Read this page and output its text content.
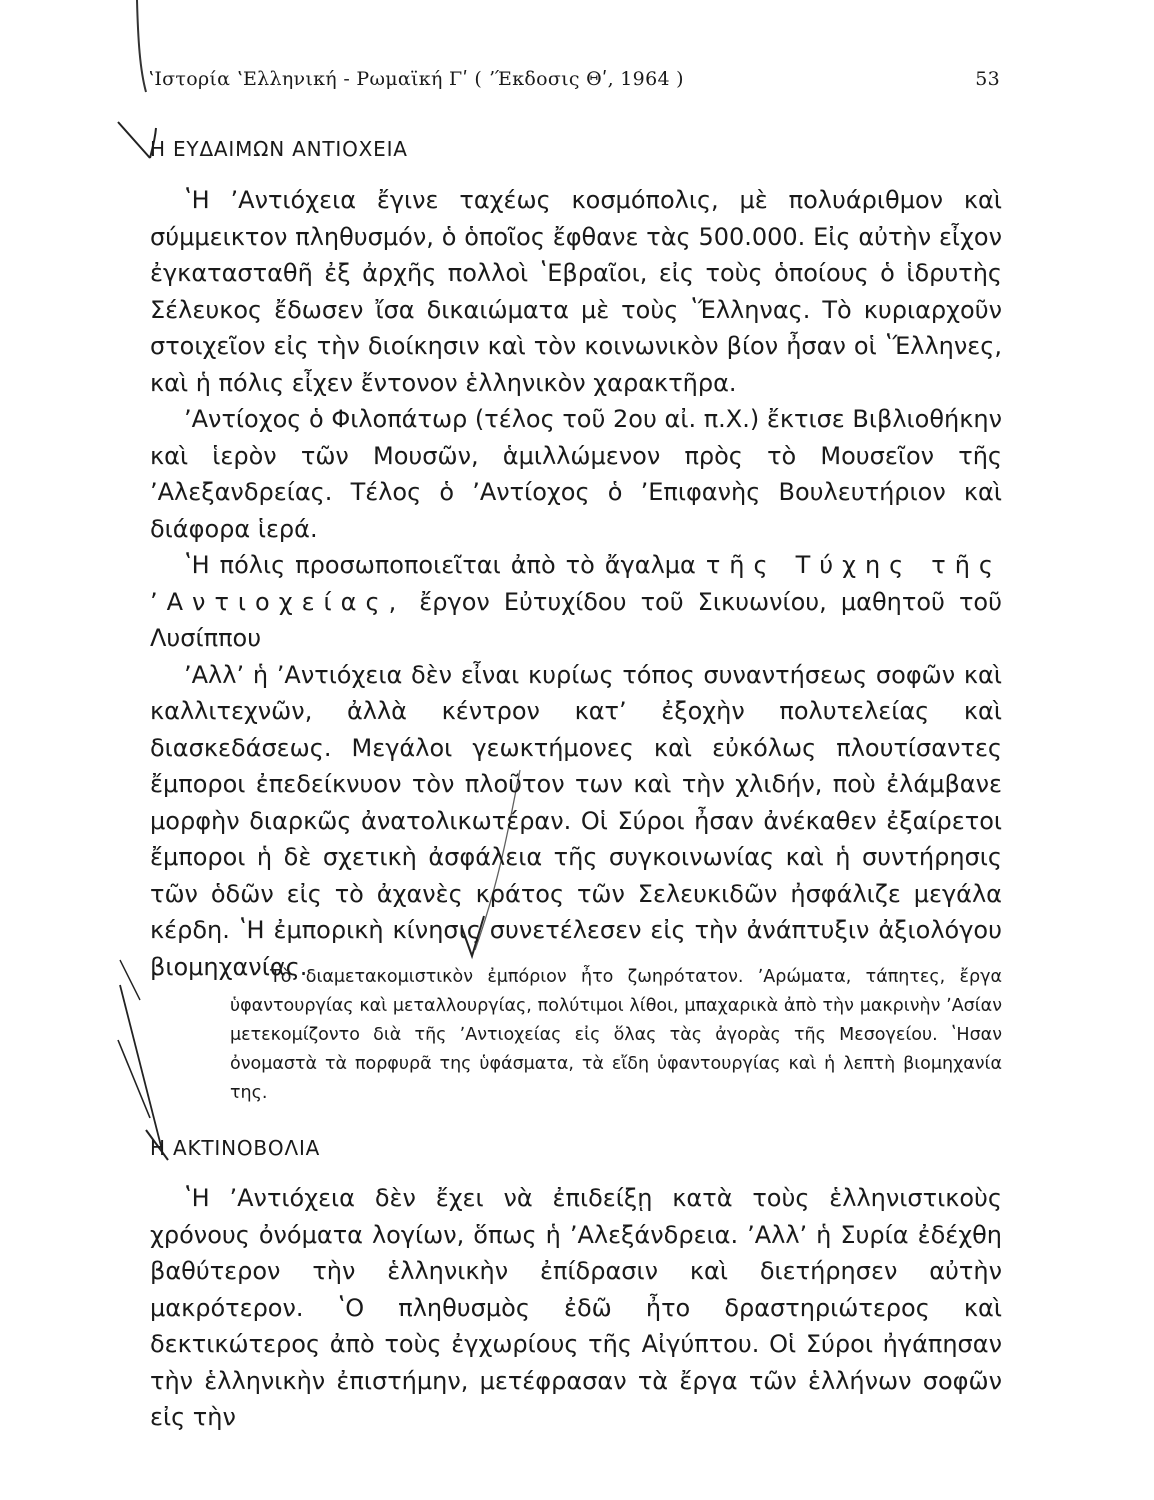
ʽΙστορία ʽΕλληνική - Ρωμαϊκή Γʹ ( ʼΈκδοσις Θʹ, 1964 )	53
Η ΕΥΔΑΙΜΩΝ ΑΝΤΙΟΧΕΙΑ

ʽΗ ʼΑντιόχεια ἔγινε ταχέως κοσμόπολις, μὲ πολυάριθμον καὶ σύμμεικτον πληθυσμόν, ὁ ὁποῖος ἔφθανε τὰς 500.000. Εἰς αὐτὴν εἶχον ἐγκατασταθῆ ἐξ ἀρχῆς πολλοὶ ʽΕβραῖοι, εἰς τοὺς ὁποίους ὁ ἱδρυτὴς Σέλευκος ἔδωσεν ἴσα δικαιώματα μὲ τοὺς ʽΈλληνας. Τὸ κυριαρχοῦν στοιχεῖον εἰς τὴν διοίκησιν καὶ τὸν κοινωνικὸν βίον ἦσαν οἱ ʽΈλληνες, καὶ ἡ πόλις εἶχεν ἔντονον ἑλληνικὸν χαρακτῆρα.

ʼΑντίοχος ὁ Φιλοπάτωρ (τέλος τοῦ 2ου αἰ. π.Χ.) ἔκτισε Βιβλιοθήκην καὶ ἱερὸν τῶν Μουσῶν, ἁμιλλώμενον πρὸς τὸ Μουσεῖον τῆς ʼΑλεξανδρείας. Τέλος ὁ ʼΑντίοχος ὁ ʼΕπιφανὴς Βουλευτήριον καὶ διάφορα ἱερά.

ʽΗ πόλις προσωποποιεῖται ἀπὸ τὸ ἄγαλμα τῆς Τύχης τῆς ʼΑντιοχείας, ἔργον Εὐτυχίδου τοῦ Σικυωνίου, μαθητοῦ τοῦ Λυσίππου

ʼΑλλʼ ἡ ʼΑντιόχεια δὲν εἶναι κυρίως τόπος συναντήσεως σοφῶν καὶ καλλιτεχνῶν, ἀλλὰ κέντρον κατʼ ἐξοχὴν πολυτελείας καὶ διασκεδάσεως. Μεγάλοι γεωκτήμονες καὶ εὐκόλως πλουτίσαντες ἔμποροι ἐπεδείκνυον τὸν πλοῦτον των καὶ τὴν χλιδήν, ποὺ ἐλάμβανε μορφὴν διαρκῶς ἀνατολικωτέραν. Οἱ Σύροι ἦσαν ἀνέκαθεν ἐξαίρετοι ἔμποροι ἡ δὲ σχετικὴ ἀσφάλεια τῆς συγκοινωνίας καὶ ἡ συντήρησις τῶν ὁδῶν εἰς τὸ ἀχανὲς κράτος τῶν Σελευκιδῶν ἠσφάλιζε μεγάλα κέρδη. ʽΗ ἐμπορικὴ κίνησις συνετέλεσεν εἰς τὴν ἀνάπτυξιν ἀξιολόγου βιομηχανίας.

Τὸ διαμετακομιστικὸν ἐμπόριον ἦτο ζωηρότατον. ʼΑρώματα, τάπητες, ἔργα ὑφαντουργίας καὶ μεταλλουργίας, πολύτιμοι λίθοι, μπαχαρικὰ ἀπὸ τὴν μακρινὴν ʼΑσίαν μετεκομίζοντο διὰ τῆς ʼΑντιοχείας εἰς ὅλας τὰς ἀγορὰς τῆς Μεσογείου. ʽΗσαν ὀνομαστὰ τὰ πορφυρᾶ της ὑφάσματα, τὰ εἴδη ὑφαντουργίας καὶ ἡ λεπτὴ βιομηχανία της.

Η ΑΚΤΙΝΟΒΟΛΙΑ

ʽΗ ʼΑντιόχεια δὲν ἔχει νὰ ἐπιδείξῃ κατὰ τοὺς ἑλληνιστικοὺς χρόνους ὀνόματα λογίων, ὅπως ἡ ʼΑλεξάνδρεια. ʼΑλλʼ ἡ Συρία ἐδέχθη βαθύτερον τὴν ἑλληνικὴν ἐπίδρασιν καὶ διετήρησεν αὐτὴν μακρότερον. ʽΟ πληθυσμὸς ἐδῶ ἦτο δραστηριώτερος καὶ δεκτικώτερος ἀπὸ τοὺς ἐγχωρίους τῆς Αἰγύπτου. Οἱ Σύροι ἠγάπησαν τὴν ἑλληνικὴν ἐπιστήμην, μετέφρασαν τὰ ἔργα τῶν ἑλλήνων σοφῶν εἰς τὴν
